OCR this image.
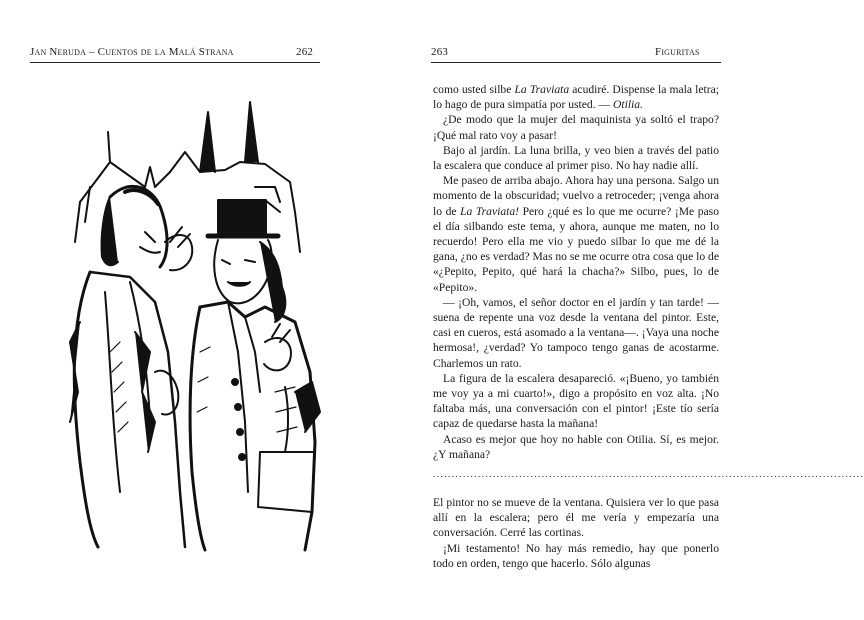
Jan Neruda – Cuentos de la Malá Strana	262	263	Figuritas

como usted silbe La Traviata acudiré. Dispense la mala letra; lo hago de pura simpatía por usted. — Otilia.

¿De modo que la mujer del maquinista ya soltó el trapo? ¡Qué mal rato voy a pasar!

Bajo al jardín. La luna brilla, y veo bien a través del patio la escalera que conduce al primer piso. No hay nadie allí.

Me paseo de arriba abajo. Ahora hay una persona. Salgo un momento de la obscuridad; vuelvo a retroceder; ¡venga ahora lo de La Traviata! Pero ¿qué es lo que me ocurre? ¡Me paso el día silbando este tema, y ahora, aunque me maten, no lo recuerdo! Pero ella me vio y puedo silbar lo que me dé la gana, ¿no es verdad? Mas no se me ocurre otra cosa que lo de «¿Pepito, Pepito, qué hará la chacha?» Silbo, pues, lo de «Pepito».

— ¡Oh, vamos, el señor doctor en el jardín y tan tarde! — suena de repente una voz desde la ventana del pintor. Este, casi en cueros, está asomado a la ventana—. ¡Vaya una noche hermosa!, ¿verdad? Yo tampoco tengo ganas de acostarme. Charlemos un rato.

La figura de la escalera desapareció. «¡Bueno, yo también me voy ya a mi cuarto!», digo a propósito en voz alta. ¡No faltaba más, una conversación con el pintor! ¡Este tío sería capaz de quedarse hasta la mañana!

Acaso es mejor que hoy no hable con Otilia. Sí, es mejor. ¿Y mañana?

...................................................................................................................

El pintor no se mueve de la ventana. Quisiera ver lo que pasa allí en la escalera; pero él me vería y empezaría una conversación. Cerré las cortinas.

¡Mi testamento! No hay más remedio, hay que ponerlo todo en orden, tengo que hacerlo. Sólo algunas
